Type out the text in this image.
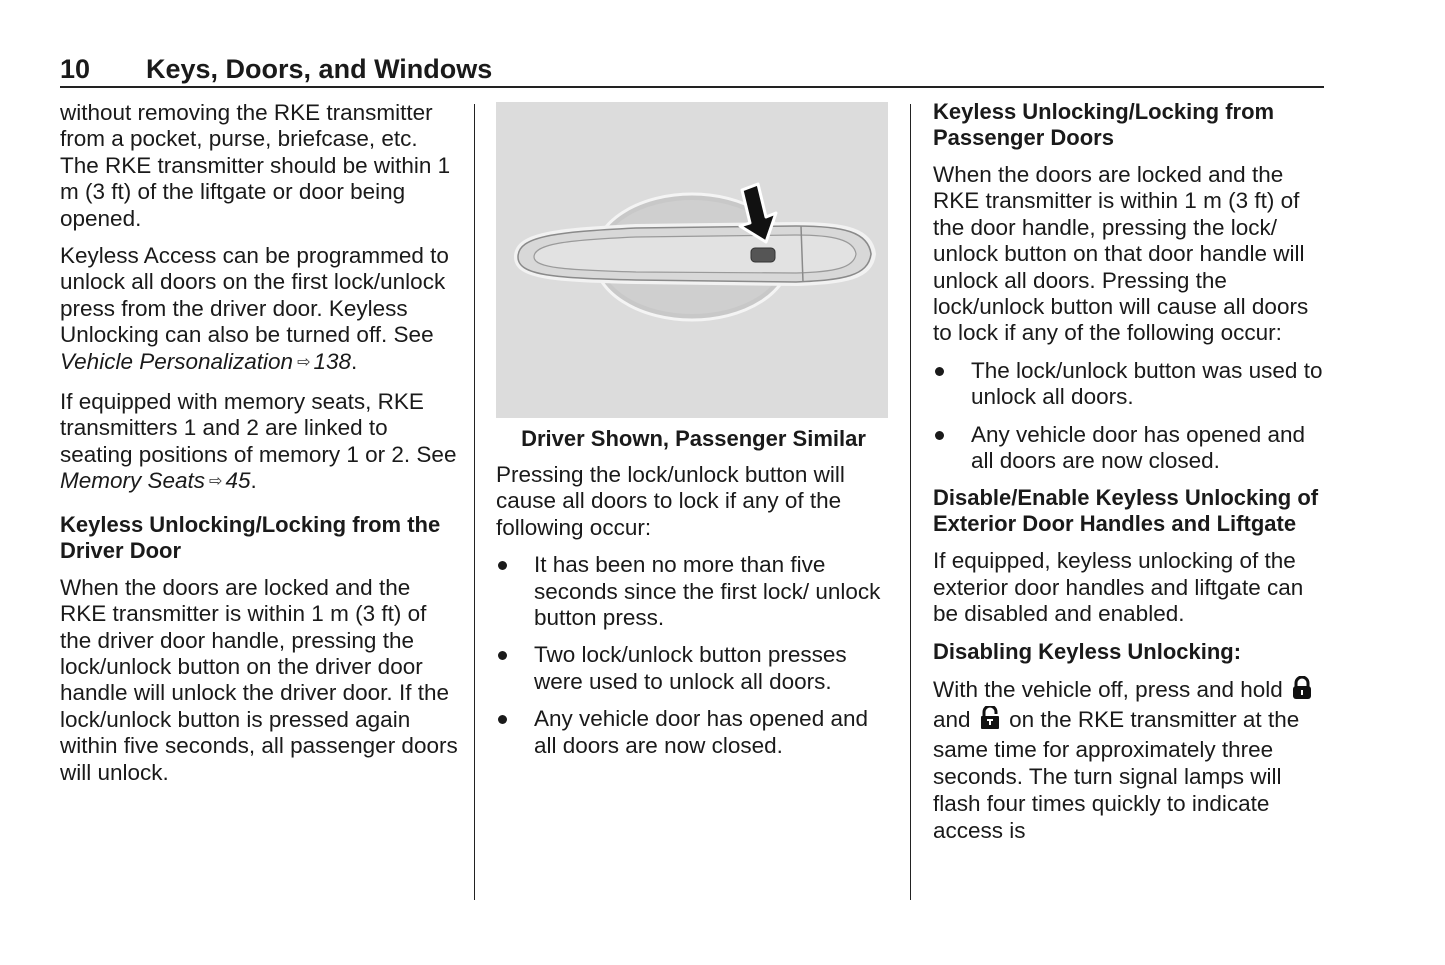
10	Keys, Doors, and Windows

without removing the RKE transmitter from a pocket, purse, briefcase, etc. The RKE transmitter should be within 1 m (3 ft) of the liftgate or door being opened.

Keyless Access can be programmed to unlock all doors on the first lock/unlock press from the driver door. Keyless Unlocking can also be turned off. See Vehicle Personalization ⇨ 138.

If equipped with memory seats, RKE transmitters 1 and 2 are linked to seating positions of memory 1 or 2. See Memory Seats ⇨ 45.

Keyless Unlocking/Locking from the Driver Door

When the doors are locked and the RKE transmitter is within 1 m (3 ft) of the driver door handle, pressing the lock/unlock button on the driver door handle will unlock the driver door. If the lock/unlock button is pressed again within five seconds, all passenger doors will unlock.

Driver Shown, Passenger Similar

Pressing the lock/unlock button will cause all doors to lock if any of the following occur:

It has been no more than five seconds since the first lock/ unlock button press.
Two lock/unlock button presses were used to unlock all doors.
Any vehicle door has opened and all doors are now closed.
Keyless Unlocking/Locking from Passenger Doors

When the doors are locked and the RKE transmitter is within 1 m (3 ft) of the door handle, pressing the lock/ unlock button on that door handle will unlock all doors. Pressing the lock/unlock button will cause all doors to lock if any of the following occur:

The lock/unlock button was used to unlock all doors.
Any vehicle door has opened and all doors are now closed.
Disable/Enable Keyless Unlocking of Exterior Door Handles and Liftgate

If equipped, keyless unlocking of the exterior door handles and liftgate can be disabled and enabled.

Disabling Keyless Unlocking:

With the vehicle off, press and hold and on the RKE transmitter at the same time for approximately three seconds. The turn signal lamps will flash four times quickly to indicate access is
